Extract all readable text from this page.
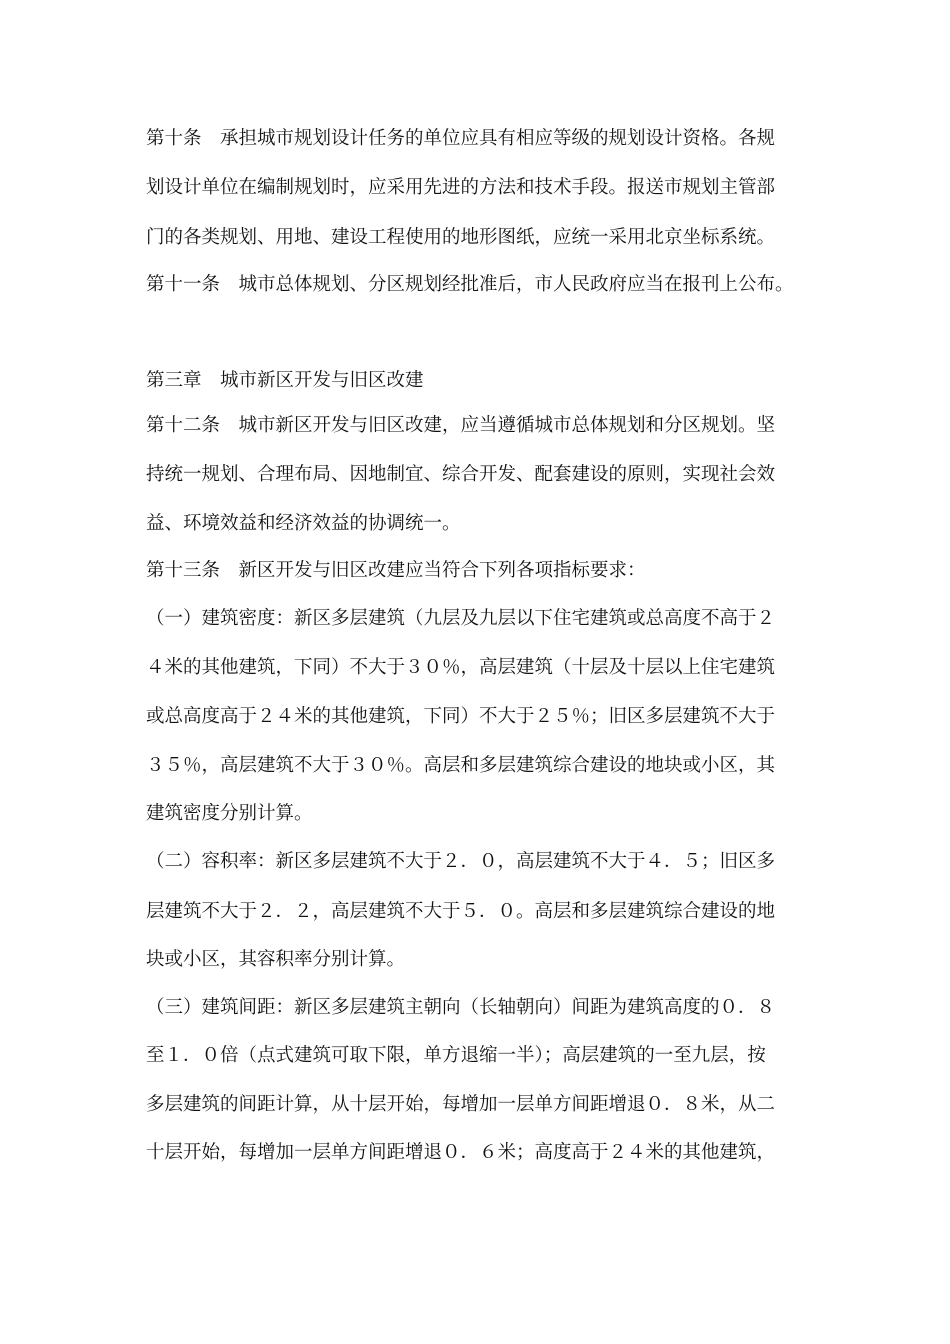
第十条　承担城市规划设计任务的单位应具有相应等级的规划设计资格。各规
划设计单位在编制规划时，应采用先进的方法和技术手段。报送市规划主管部
门的各类规划、用地、建设工程使用的地形图纸，应统一采用北京坐标系统。
第十一条　城市总体规划、分区规划经批准后，市人民政府应当在报刊上公布。
第三章　城市新区开发与旧区改建
第十二条　城市新区开发与旧区改建，应当遵循城市总体规划和分区规划。坚
持统一规划、合理布局、因地制宜、综合开发、配套建设的原则，实现社会效
益、环境效益和经济效益的协调统一。
第十三条　新区开发与旧区改建应当符合下列各项指标要求：
（一）建筑密度：新区多层建筑（九层及九层以下住宅建筑或总高度不高于２
４米的其他建筑，下同）不大于３０％，高层建筑（十层及十层以上住宅建筑
或总高度高于２４米的其他建筑，下同）不大于２５％；旧区多层建筑不大于
３５％，高层建筑不大于３０％。高层和多层建筑综合建设的地块或小区，其
建筑密度分别计算。
（二）容积率：新区多层建筑不大于２．０，高层建筑不大于４．５；旧区多
层建筑不大于２．２，高层建筑不大于５．０。高层和多层建筑综合建设的地
块或小区，其容积率分别计算。
（三）建筑间距：新区多层建筑主朝向（长轴朝向）间距为建筑高度的０．８
至１．０倍（点式建筑可取下限，单方退缩一半）；高层建筑的一至九层，按
多层建筑的间距计算，从十层开始，每增加一层单方间距增退０．８米，从二
十层开始，每增加一层单方间距增退０．６米；高度高于２４米的其他建筑，
